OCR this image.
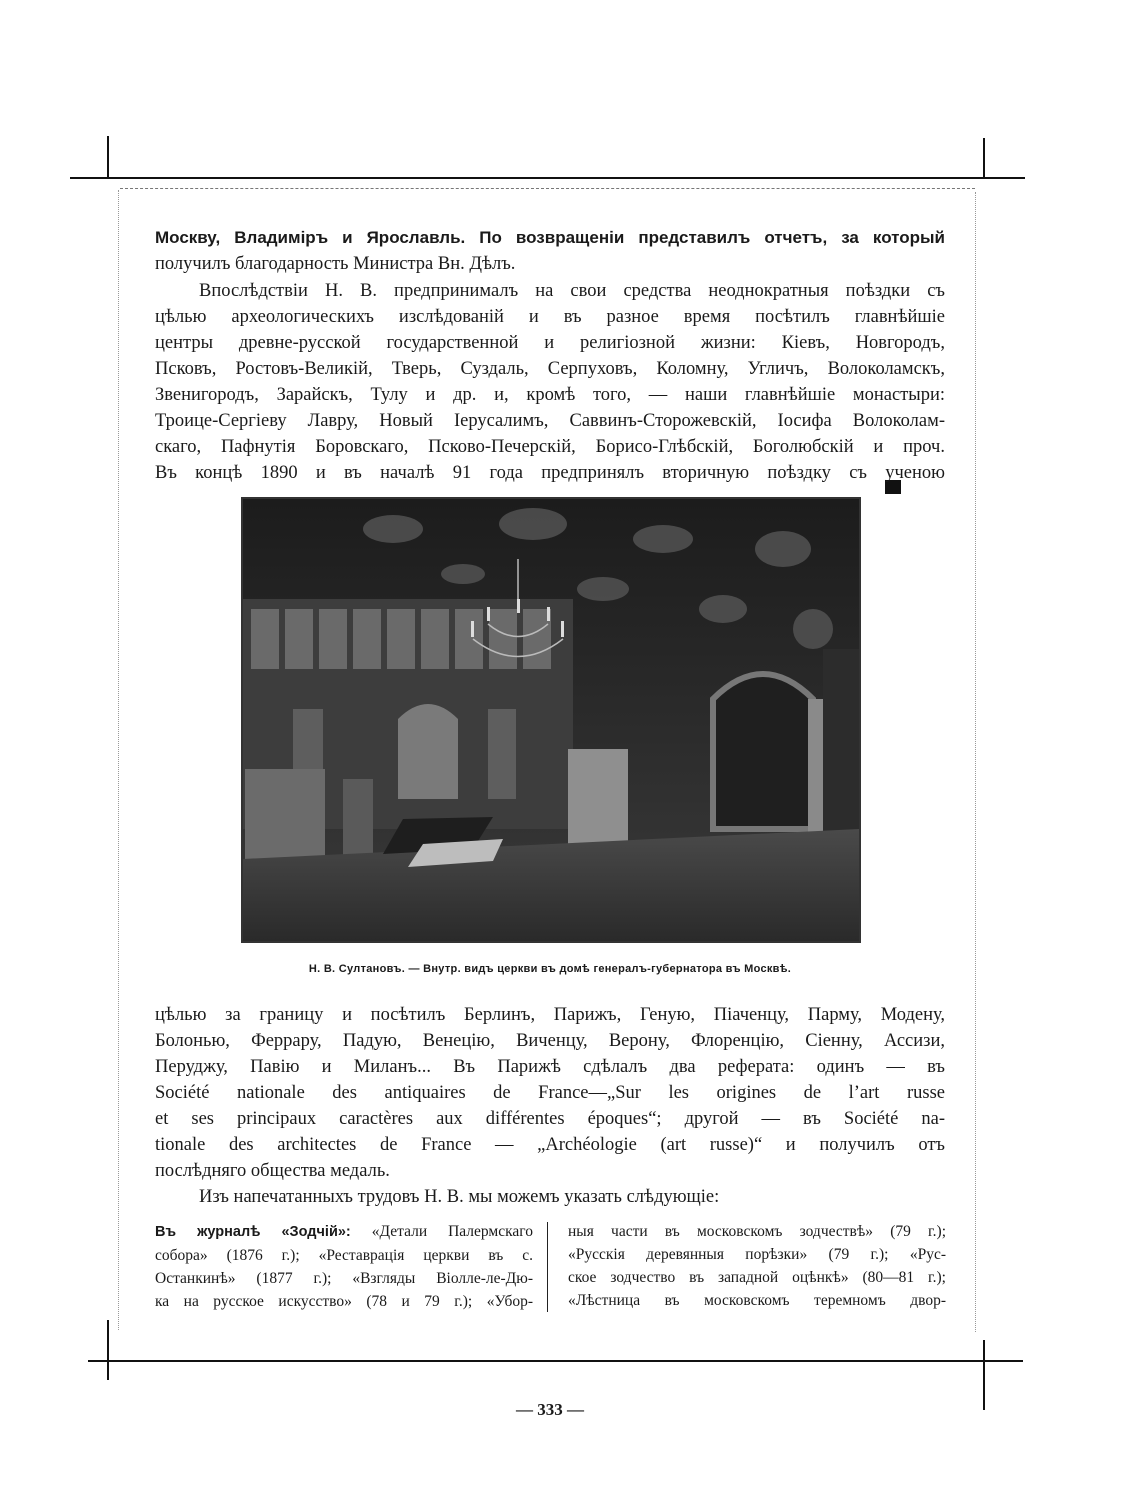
Москву, Владиміръ и Ярославль. По возвращеніи представилъ отчетъ, за который
получилъ благодарность Министра Вн. Дѣлъ.
Впослѣдствіи Н. В. предпринималъ на свои средства неоднократныя поѣздки съ
цѣлью археологическихъ изслѣдованій и въ разное время посѣтилъ главнѣйшіе
центры древне-русской государственной и религіозной жизни: Кіевъ, Новгородъ,
Псковъ, Ростовъ-Великій, Тверь, Суздаль, Серпуховъ, Коломну, Угличъ, Волоколамскъ,
Звенигородъ, Зарайскъ, Тулу и др. и, кромѣ того, — наши главнѣйшіе монастыри:
Троице-Сергіеву Лавру, Новый Іерусалимъ, Саввинъ-Сторожевскій, Іосифа Волоколам-
скаго, Пафнутія Боровскаго, Псково-Печерскій, Борисо-Глѣбскій, Боголюбскій и проч.
Въ концѣ 1890 и въ началѣ 91 года предпринялъ вторичную поѣздку съ ученою
Н. В. Султановъ. — Внутр. видъ церкви въ домѣ генералъ-губернатора въ Москвѣ.
цѣлью за границу и посѣтилъ Берлинъ, Парижъ, Геную, Піаченцу, Парму, Модену,
Болонью, Феррару, Падую, Венецію, Виченцу, Верону, Флоренцію, Сіенну, Ассизи,
Перуджу, Павію и Миланъ... Въ Парижѣ сдѣлалъ два реферата: одинъ — въ
Société nationale des antiquaires de France—„Sur les origines de l’art russe
et ses principaux caractères aux différentes époques“; другой — въ Société na-
tionale des architectes de France — „Archéologie (art russe)“ и получилъ отъ
послѣдняго общества медаль.
Изъ напечатанныхъ трудовъ Н. В. мы можемъ указать слѣдующіе:
Въ журналѣ «Зодчій»: «Детали Палермскаго
собора» (1876 г.); «Реставрація церкви въ с.
Останкинѣ» (1877 г.); «Взгляды Віолле-ле-Дю-
ка на русское искусство» (78 и 79 г.); «Убор-
ныя части въ московскомъ зодчествѣ» (79 г.);
«Русскія деревянныя порѣзки» (79 г.); «Рус-
ское зодчество въ западной оцѣнкѣ» (80—81 г.);
«Лѣстница въ московскомъ теремномъ двор-
— 333 —
